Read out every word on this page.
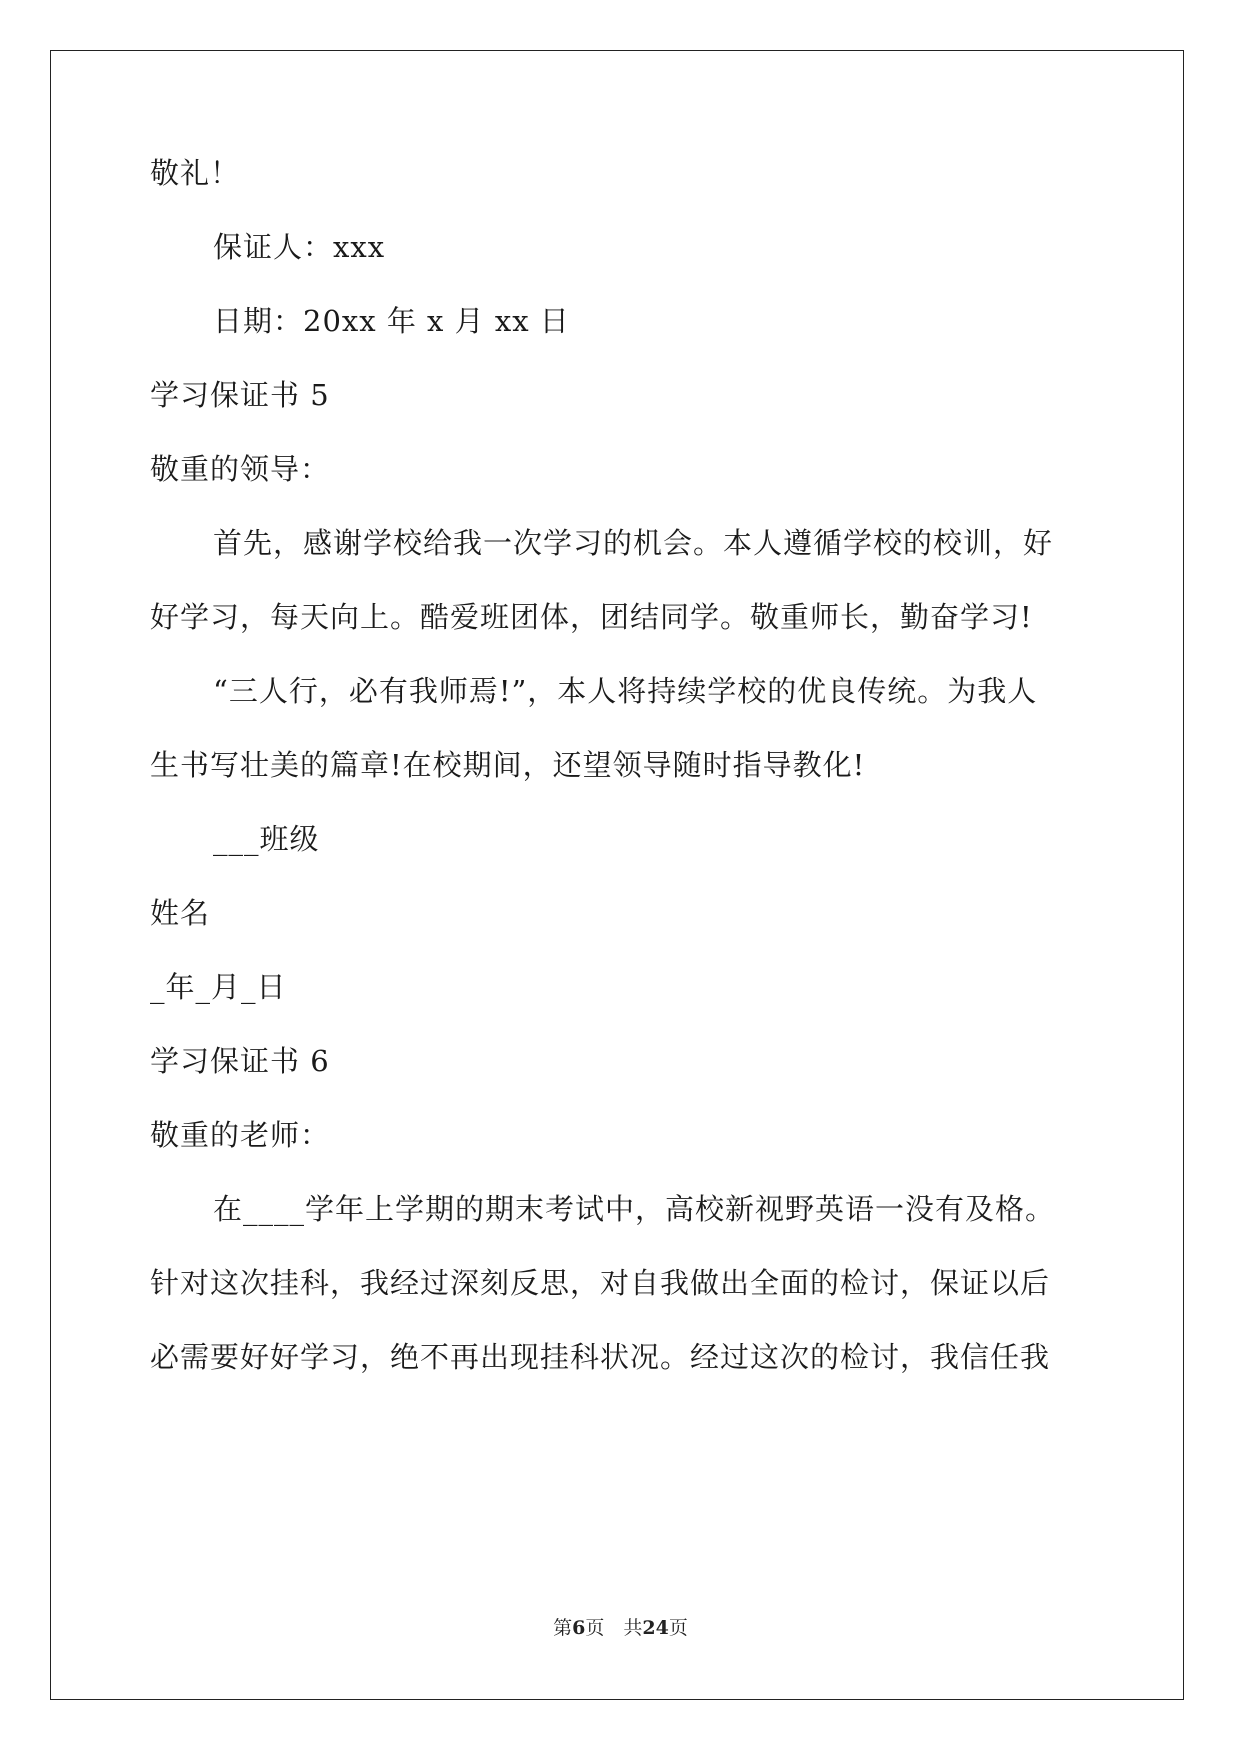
敬礼！
保证人：xxx
日期：20xx 年 x 月 xx 日
学习保证书 5
敬重的领导：
首先，感谢学校给我一次学习的机会。本人遵循学校的校训，好
好学习，每天向上。酷爱班团体，团结同学。敬重师长，勤奋学习!
“三人行，必有我师焉!”，本人将持续学校的优良传统。为我人
生书写壮美的篇章!在校期间，还望领导随时指导教化!
___班级
姓名
_年_月_日
学习保证书 6
敬重的老师：
在____学年上学期的期末考试中，高校新视野英语一没有及格。
针对这次挂科，我经过深刻反思，对自我做出全面的检讨，保证以后
必需要好好学习，绝不再出现挂科状况。经过这次的检讨，我信任我
第6页　共24页
